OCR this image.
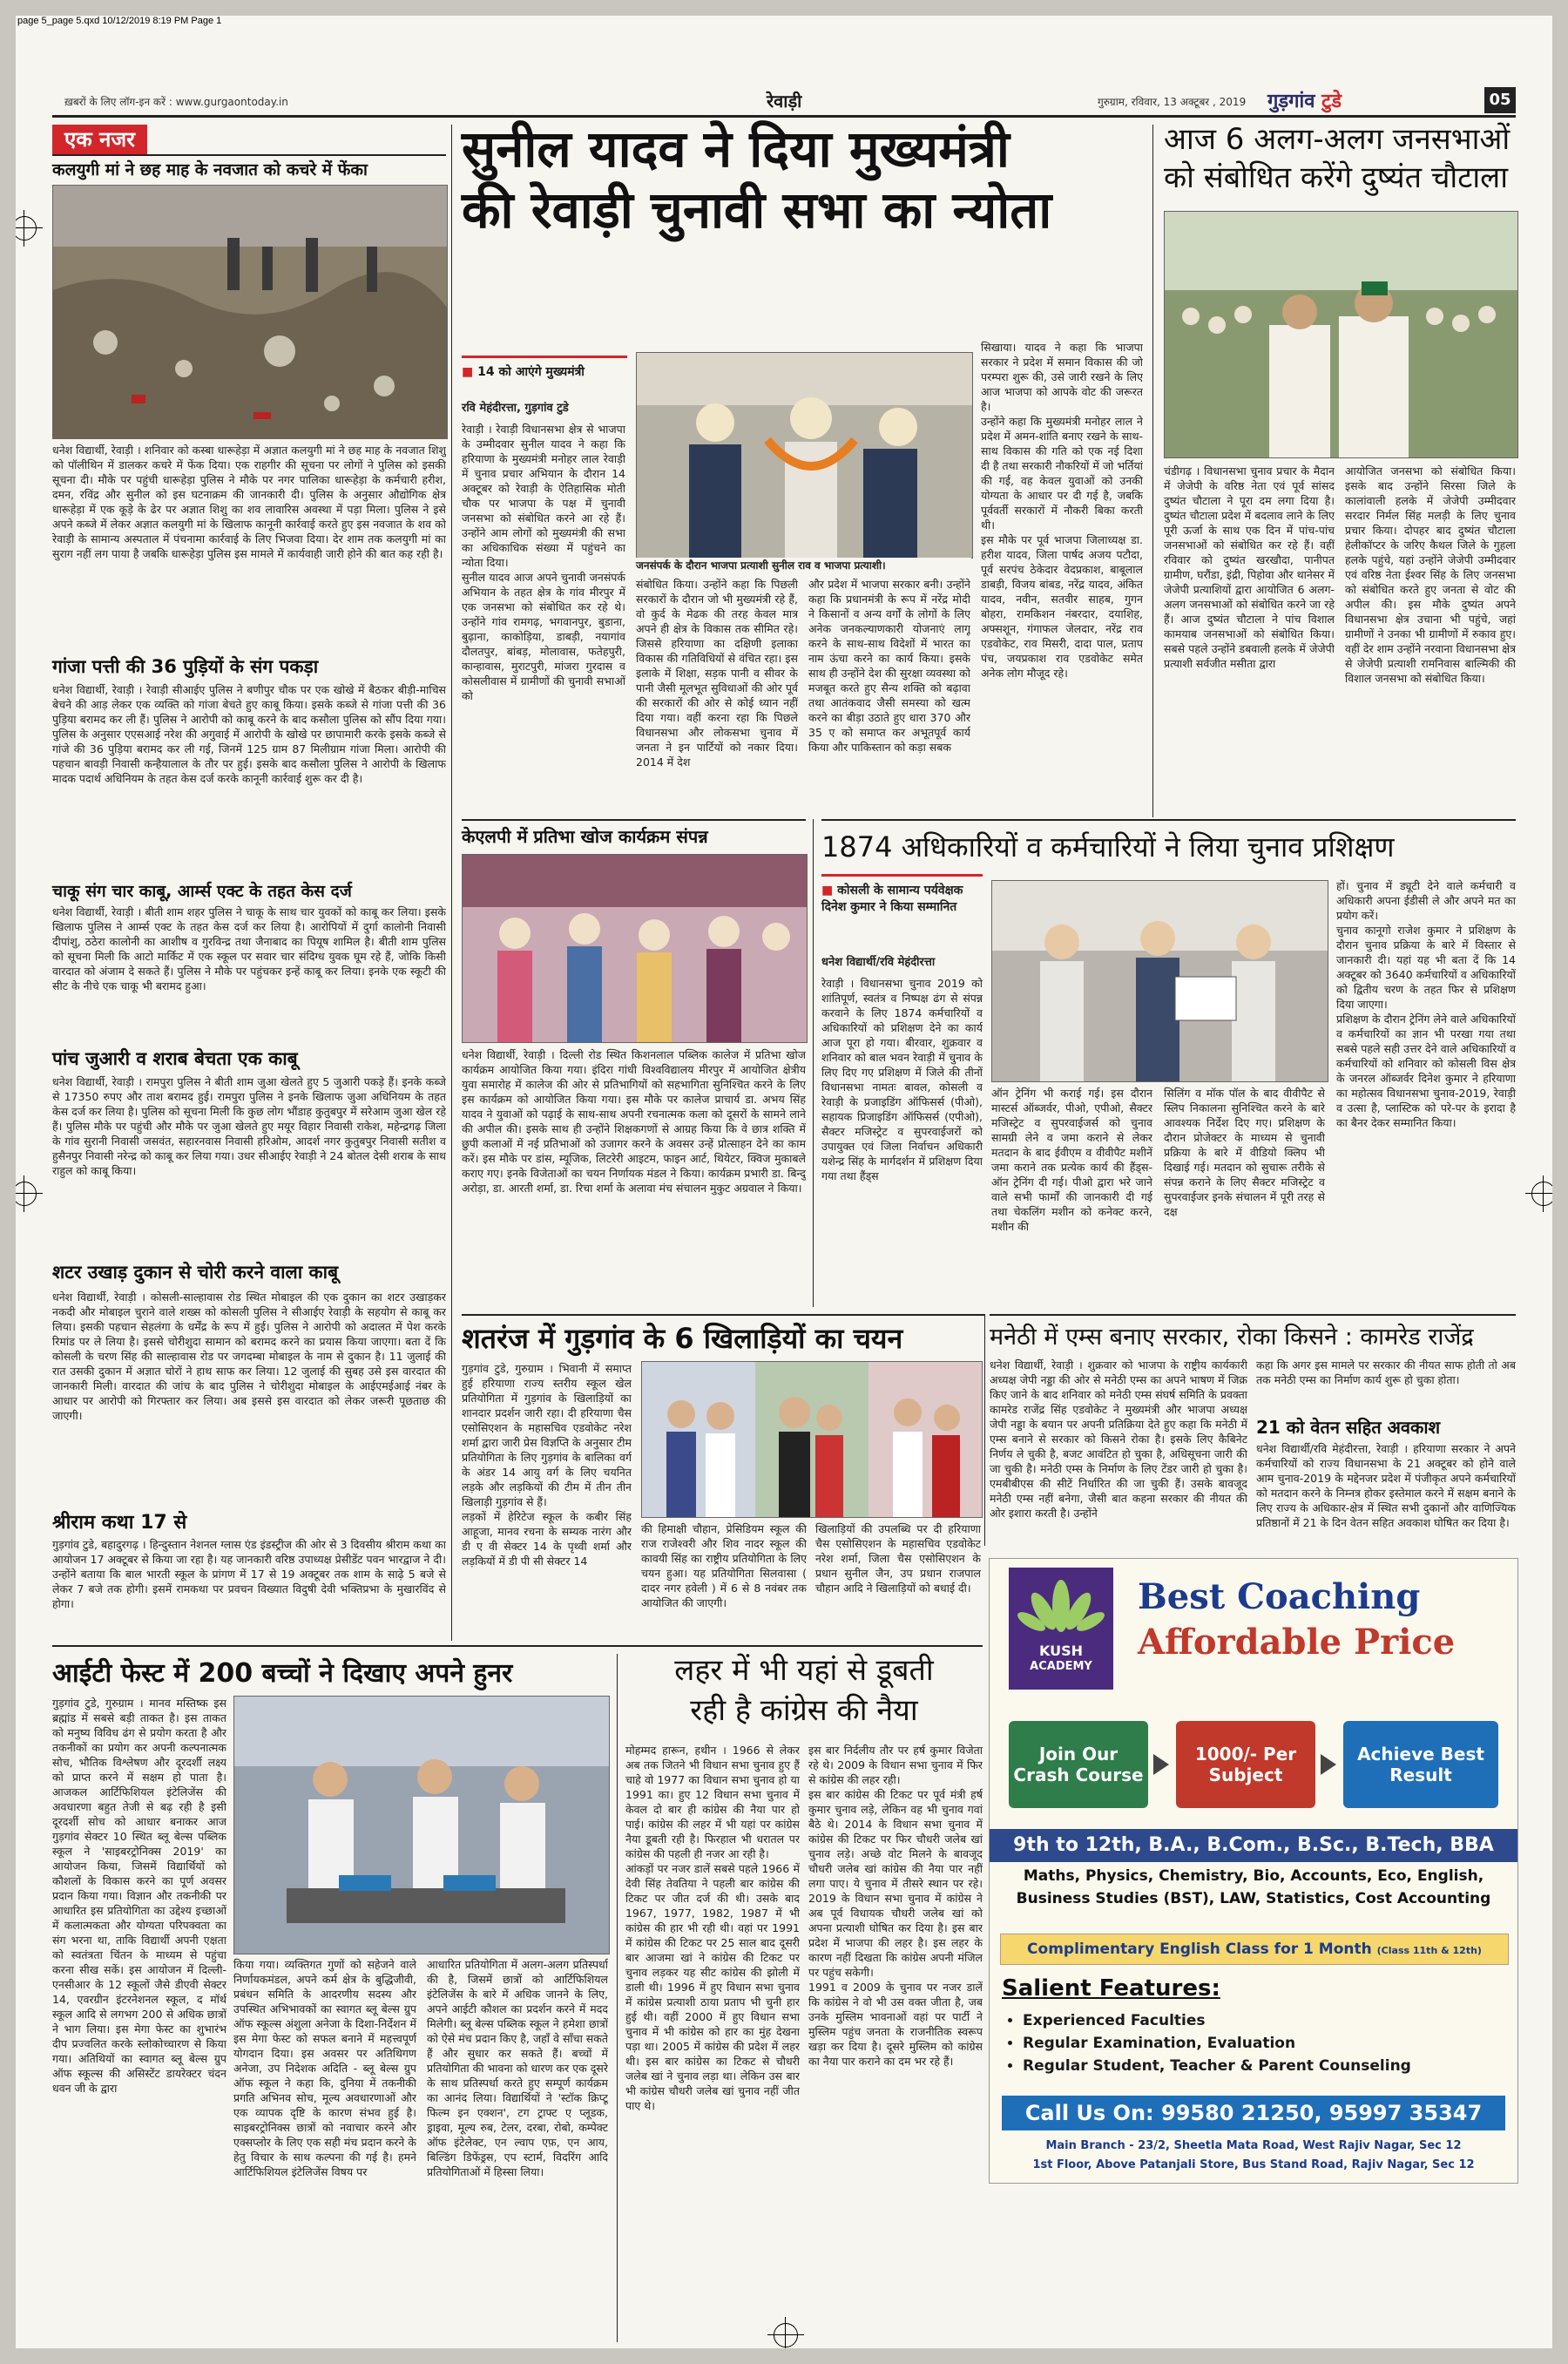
page 5_page 5.qxd 10/12/2019 8:19 PM Page 1
ख़बरों के लिए लॉग-इन करें : www.gurgaontoday.in	रेवाड़ी	गुरुग्राम, रविवार, 13 अक्टूबर , 2019 गुड़गांव टुडे	05
एक नजर
कलयुगी मां ने छह माह के नवजात को कचरे में फेंका
धनेश विद्यार्थी, रेवाड़ी । शनिवार को कस्बा धारूहेड़ा में अज्ञात कलयुगी मां ने छह माह के नवजात शिशु को पॉलीथिन में डालकर कचरे में फेंक दिया। एक राहगीर की सूचना पर लोगों ने पुलिस को इसकी सूचना दी। मौके पर पहुंची धारूहेड़ा पुलिस ने मौके पर नगर पालिका धारूहेड़ा के कर्मचारी हरीश, दमन, रविंद्र और सुनील को इस घटनाक्रम की जानकारी दी। पुलिस के अनुसार औद्योगिक क्षेत्र धारूहेड़ा में एक कूड़े के ढेर पर अज्ञात शिशु का शव लावारिस अवस्था में पड़ा मिला। पुलिस ने इसे अपने कब्जे में लेकर अज्ञात कलयुगी मां के खिलाफ कानूनी कार्रवाई करते हुए इस नवजात के शव को रेवाड़ी के सामान्य अस्पताल में पंचनामा कार्रवाई के लिए भिजवा दिया। देर शाम तक कलयुगी मां का सुराग नहीं लग पाया है जबकि धारूहेड़ा पुलिस इस मामले में कार्यवाही जारी होने की बात कह रही है।
गांजा पत्ती की 36 पुड़ियों के संग पकड़ा
धनेश विद्यार्थी, रेवाड़ी । रेवाड़ी सीआईए पुलिस ने बणीपुर चौक पर एक खोखे में बैठकर बीड़ी-माचिस बेचने की आड़ लेकर एक व्यक्ति को गांजा बेचते हुए काबू किया। इसके कब्जे से गांजा पत्ती की 36 पुड़िया बरामद कर ली हैं। पुलिस ने आरोपी को काबू करने के बाद कसौला पुलिस को सौंप दिया गया। पुलिस के अनुसार एएसआई नरेश की अगुवाई में आरोपी के खोखे पर छापामारी करके इसके कब्जे से गांजे की 36 पुड़िया बरामद कर ली गई, जिनमें 125 ग्राम 87 मिलीग्राम गांजा मिला। आरोपी की पहचान बावड़ी निवासी कन्हैयालाल के तौर पर हुई। इसके बाद कसौला पुलिस ने आरोपी के खिलाफ मादक पदार्थ अधिनियम के तहत केस दर्ज करके कानूनी कार्रवाई शुरू कर दी है।
चाकू संग चार काबू, आर्म्स एक्ट के तहत केस दर्ज
धनेश विद्यार्थी, रेवाड़ी । बीती शाम शहर पुलिस ने चाकू के साथ चार युवकों को काबू कर लिया। इसके खिलाफ पुलिस ने आर्म्स एक्ट के तहत केस दर्ज कर लिया है। आरोपियों में दुर्गा कालोनी निवासी दीपांशु, ठठेरा कालोनी का आशीष व गुरविन्द्र तथा जैनाबाद का पियूष शामिल है। बीती शाम पुलिस को सूचना मिली कि आटो मार्किट में एक स्कूल पर सवार चार संदिग्ध युवक घूम रहे हैं, जोकि किसी वारदात को अंजाम दे सकते हैं। पुलिस ने मौके पर पहुंचकर इन्हें काबू कर लिया। इनके एक स्कूटी की सीट के नीचे एक चाकू भी बरामद हुआ।
पांच जुआरी व शराब बेचता एक काबू
धनेश विद्यार्थी, रेवाड़ी । रामपुरा पुलिस ने बीती शाम जुआ खेलते हुए 5 जुआरी पकड़े हैं। इनके कब्जे से 17350 रुपए और ताश बरामद हुई। रामपुरा पुलिस ने इनके खिलाफ जुआ अधिनियम के तहत केस दर्ज कर लिया है। पुलिस को सूचना मिली कि कुछ लोग भौंडाह कुतुबपुर में सरेआम जुआ खेल रहे हैं। पुलिस मौके पर पहुंची और मौके पर जुआ खेलते हुए मयूर विहार निवासी राकेश, महेन्द्रगढ़ जिला के गांव सुरानी निवासी जसवंत, सहारनवास निवासी हरिओम, आदर्श नगर कुतुबपुर निवासी सतीश व हुसैनपुर निवासी नरेन्द्र को काबू कर लिया गया। उधर सीआईए रेवाड़ी ने 24 बोतल देसी शराब के साथ राहुल को काबू किया।
शटर उखाड़ दुकान से चोरी करने वाला काबू
धनेश विद्यार्थी, रेवाड़ी । कोसली-साल्हावास रोड स्थित मोबाइल की एक दुकान का शटर उखाड़कर नकदी और मोबाइल चुराने वाले शख्स को कोसली पुलिस ने सीआईए रेवाड़ी के सहयोग से काबू कर लिया। इसकी पहचान सेहलंगा के धर्मेंद्र के रूप में हुई। पुलिस ने आरोपी को अदालत में पेश करके रिमांड पर ले लिया है। इससे चोरीशुदा सामान को बरामद करने का प्रयास किया जाएगा। बता दें कि कोसली के चरण सिंह की साल्हावास रोड पर जगदम्बा मोबाइल के नाम से दुकान है। 11 जुलाई की रात उसकी दुकान में अज्ञात चोरों ने हाथ साफ कर लिया। 12 जुलाई की सुबह उसे इस वारदात की जानकारी मिली। वारदात की जांच के बाद पुलिस ने चोरीशुदा मोबाइल के आईएमईआई नंबर के आधार पर आरोपी को गिरफ्तार कर लिया। अब इससे इस वारदात को लेकर जरूरी पूछताछ की जाएगी।
श्रीराम कथा 17 से
गुड़गांव टुडे, बहादुरगढ़ । हिन्दुस्तान नेशनल ग्लास एंड इंडस्ट्रीज की ओर से 3 दिवसीय श्रीराम कथा का आयोजन 17 अक्टूबर से किया जा रहा है। यह जानकारी वरिष्ठ उपाध्यक्ष प्रेसीडेंट पवन भारद्वाज ने दी। उन्होंने बताया कि बाल भारती स्कूल के प्रांगण में 17 से 19 अक्टूबर तक शाम के साढ़े 5 बजे से लेकर 7 बजे तक होगी। इसमें रामकथा पर प्रवचन विख्यात विदुषी देवी भक्तिप्रभा के मुखारविंद से होगा।
सुनील यादव ने दिया मुख्यमंत्री
की रेवाड़ी चुनावी सभा का न्योता
■ 14 को आएंगे मुख्यमंत्री
रवि मेहंदीरत्ता, गुड़गांव टुडे
रेवाड़ी । रेवाड़ी विधानसभा क्षेत्र से भाजपा के उम्मीदवार सुनील यादव ने कहा कि हरियाणा के मुख्यमंत्री मनोहर लाल रेवाड़ी में चुनाव प्रचार अभियान के दौरान 14 अक्टूबर को रेवाड़ी के ऐतिहासिक मोती चौक पर भाजपा के पक्ष में चुनावी जनसभा को संबोधित करने आ रहे हैं। उन्होंने आम लोगों को मुख्यमंत्री की सभा का अधिकाधिक संख्या में पहुंचने का न्योता दिया।
सुनील यादव आज अपने चुनावी जनसंपर्क अभियान के तहत क्षेत्र के गांव मीरपुर में एक जनसभा को संबोधित कर रहे थे। उन्होंने गांव रामगढ़, भगवानपुर, बुडाना, बुढ़ाना, काकोड़िया, डाबड़ी, नयागांव दौलतपुर, बांबड़, मोलावास, फतेहपुरी, कान्हावास, मुराटपुरी, मांजरा गुरदास व कोसलीवास में ग्रामीणों की चुनावी सभाओं को
जनसंपर्क के दौरान भाजपा प्रत्याशी सुनील राव व भाजपा प्रत्याशी।
संबोधित किया। उन्होंने कहा कि पिछली सरकारों के दौरान जो भी मुख्यमंत्री रहे हैं, वो कुर्द के मेढक की तरह केवल मात्र अपने ही क्षेत्र के विकास तक सीमित रहे। जिससे हरियाणा का दक्षिणी इलाका विकास की गतिविधियों से वंचित रहा। इस इलाके में शिक्षा, सड़क पानी व सीवर के पानी जैसी मूलभूत सुविधाओं की ओर पूर्व की सरकारों की ओर से कोई ध्यान नहीं दिया गया। वहीं करना रहा कि पिछले विधानसभा और लोकसभा चुनाव में जनता ने इन पार्टियों को नकार दिया। 2014 में देश
और प्रदेश में भाजपा सरकार बनी। उन्होंने कहा कि प्रधानमंत्री के रूप में नरेंद्र मोदी ने किसानों व अन्य वर्गों के लोगों के लिए अनेक जनकल्याणकारी योजनाएं लागू करने के साथ-साथ विदेशों में भारत का नाम ऊंचा करने का कार्य किया। इसके साथ ही उन्होंने देश की सुरक्षा व्यवस्था को मजबूत करते हुए सैन्य शक्ति को बढ़ावा तथा आतंकवाद जैसी समस्या को खत्म करने का बीड़ा उठाते हुए धारा 370 और 35 ए को समाप्त कर अभूतपूर्व कार्य किया और पाकिस्तान को कड़ा सबक
सिखाया। यादव ने कहा कि भाजपा सरकार ने प्रदेश में समान विकास की जो परम्परा शुरू की, उसे जारी रखने के लिए आज भाजपा को आपके वोट की जरूरत है।
उन्होंने कहा कि मुख्यमंत्री मनोहर लाल ने प्रदेश में अमन-शांति बनाए रखने के साथ-साथ विकास की गति को एक नई दिशा दी है तथा सरकारी नौकरियों में जो भर्तियां की गई, वह केवल युवाओं को उनकी योग्यता के आधार पर दी गई है, जबकि पूर्ववर्ती सरकारों में नौकरी बिका करती थी।
इस मौके पर पूर्व भाजपा जिलाध्यक्ष डा. हरीश यादव, जिला पार्षद अजय पटौदा, पूर्व सरपंच ठेकेदार वेदप्रकाश, बाबूलाल डाबड़ी, विजय बांबड, नरेंद्र यादव, अंकित यादव, नवीन, सतवीर साहब, गुगन बोहरा, रामकिशन नंबरदार, दयाशिह, अफ्सशून, गंगाफल जेलदार, नरेंद्र राव एडवोकेट, राव मिसरी, दादा पाल, प्रताप पंच, जयप्रकाश राव एडवोकेट समेत अनेक लोग मौजूद रहे।
आज 6 अलग-अलग जनसभाओं
को संबोधित करेंगे दुष्यंत चौटाला
चंडीगढ़ । विधानसभा चुनाव प्रचार के मैदान में जेजेपी के वरिष्ठ नेता एवं पूर्व सांसद दुष्यंत चौटाला ने पूरा दम लगा दिया है। दुष्यंत चौटाला प्रदेश में बदलाव लाने के लिए पूरी ऊर्जा के साथ एक दिन में पांच-पांच जनसभाओं को संबोधित कर रहे हैं। वहीं रविवार को दुष्यंत खरखौदा, पानीपत ग्रामीण, घरौंडा, इंद्री, पिहोवा और थानेसर में जेजेपी प्रत्याशियों द्वारा आयोजित 6 अलग-अलग जनसभाओं को संबोधित करने जा रहे हैं। आज दुष्यंत चौटाला ने पांच विशाल कामयाब जनसभाओं को संबोधित किया। सबसे पहले उन्होंने डबवाली हलके में जेजेपी प्रत्याशी सर्वजीत मसीता द्वारा
आयोजित जनसभा को संबोधित किया। इसके बाद उन्होंने सिरसा जिले के कालांवाली हलके में जेजेपी उम्मीदवार सरदार निर्मल सिंह मलड़ी के लिए चुनाव प्रचार किया। दोपहर बाद दुष्यंत चौटाला हेलीकॉप्टर के जरिए कैथल जिले के गुहला हलके पहुंचे, यहां उन्होंने जेजेपी उम्मीदवार एवं वरिष्ठ नेता ईश्वर सिंह के लिए जनसभा को संबोधित करते हुए जनता से वोट की अपील की। इस मौके दुष्यंत अपने विधानसभा क्षेत्र उचाना भी पहुंचे, जहां ग्रामीणों ने उनका भी ग्रामीणों में रुकाव हुए। वहीं देर शाम उन्होंने नरवाना विधानसभा क्षेत्र से जेजेपी प्रत्याशी रामनिवास बाल्मिकी की विशाल जनसभा को संबोधित किया।
केएलपी में प्रतिभा खोज कार्यक्रम संपन्न
धनेश विद्यार्थी, रेवाड़ी । दिल्ली रोड स्थित किशनलाल पब्लिक कालेज में प्रतिभा खोज कार्यक्रम आयोजित किया गया। इंदिरा गांधी विश्वविद्यालय मीरपुर में आयोजित क्षेत्रीय युवा समारोह में कालेज की ओर से प्रतिभागियों को सहभागिता सुनिश्चित करने के लिए इस कार्यक्रम को आयोजित किया गया। इस मौके पर कालेज प्राचार्य डा. अभय सिंह यादव ने युवाओं को पढ़ाई के साथ-साथ अपनी रचनात्मक कला को दूसरों के सामने लाने की अपील की। इसके साथ ही उन्होंने शिक्षकगणों से आग्रह किया कि वे छात्र शक्ति में छुपी कलाओं में नई प्रतिभाओं को उजागर करने के अवसर उन्हें प्रोत्साहन देने का काम करें। इस मौके पर डांस, म्यूजिक, लिटरेरी आइटम, फाइन आर्ट, थियेटर, क्विज मुकाबले कराए गए। इनके विजेताओं का चयन निर्णायक मंडल ने किया। कार्यक्रम प्रभारी डा. बिन्दु अरोड़ा, डा. आरती शर्मा, डा. रिचा शर्मा के अलावा मंच संचालन मुकुट अग्रवाल ने किया।
1874 अधिकारियों व कर्मचारियों ने लिया चुनाव प्रशिक्षण
■ कोसली के सामान्य पर्यवेक्षक दिनेश कुमार ने किया सम्मानित
धनेश विद्यार्थी/रवि मेहंदीरत्ता
रेवाड़ी । विधानसभा चुनाव 2019 को शांतिपूर्ण, स्वतंत्र व निष्पक्ष ढंग से संपन्न करवाने के लिए 1874 कर्मचारियों व अधिकारियों को प्रशिक्षण देने का कार्य आज पूरा हो गया। बीरवार, शुक्रवार व शनिवार को बाल भवन रेवाड़ी में चुनाव के लिए दिए गए प्रशिक्षण में जिले की तीनों विधानसभा नामतः बावल, कोसली व रेवाड़ी के प्रजाइडिंग ऑफिसर्स (पीओ), सहायक प्रिजाइडिंग ऑफिसर्स (एपीओ), सैक्टर मजिस्ट्रेट व सुपरवाईजरों को उपायुक्त एवं जिला निर्वाचन अधिकारी यशेन्द्र सिंह के मार्गदर्शन में प्रशिक्षण दिया गया तथा हैंड्स
ऑन ट्रेनिंग भी कराई गई। इस दौरान मास्टर्स ऑब्जर्वर, पीओ, एपीओ, सैक्टर मजिस्ट्रेट व सुपरवाईजर्स को चुनाव सामग्री लेने व जमा कराने से लेकर मतदान के बाद ईवीएम व वीवीपैट मशीनें जमा कराने तक प्रत्येक कार्य की हैंड्स-ऑन ट्रेनिंग दी गई। पीओ द्वारा भरे जाने वाले सभी फार्मों की जानकारी दी गई तथा चेकलिंग मशीन को कनेक्ट करने, मशीन की
सिलिंग व मॉक पॉल के बाद वीवीपैट से स्लिप निकालना सुनिश्चित करने के बारे आवश्यक निर्देश दिए गए। प्रशिक्षण के दौरान प्रोजेक्टर के माध्यम से चुनावी प्रक्रिया के बारे में वीडियो क्लिप भी दिखाई गई। मतदान को सुचारू तरीके से संपन्न कराने के लिए सैक्टर मजिस्ट्रेट व सुपरवाईजर इनके संचालन में पूरी तरह से दक्ष
हों। चुनाव में ड्यूटी देने वाले कर्मचारी व अधिकारी अपना ईडीसी ले और अपने मत का प्रयोग करें।
चुनाव कानूगो राजेश कुमार ने प्रशिक्षण के दौरान चुनाव प्रक्रिया के बारे में विस्तार से जानकारी दी। यहां यह भी बता दें कि 14 अक्टूबर को 3640 कर्मचारियों व अधिकारियों को द्वितीय चरण के तहत फिर से प्रशिक्षण दिया जाएगा।
प्रशिक्षण के दौरान ट्रेनिंग लेने वाले अधिकारियों व कर्मचारियों का ज्ञान भी परखा गया तथा सबसे पहले सही उत्तर देने वाले अधिकारियों व कर्मचारियों को शनिवार को कोसली विस क्षेत्र के जनरल ऑब्जर्वर दिनेश कुमार ने हरियाणा का महोत्सव विधानसभा चुनाव-2019, रेवाड़ी व उत्सा है, प्लास्टिक को परे-पर के इरादा है का बैनर देकर सम्मानित किया।
शतरंज में गुड़गांव के 6 खिलाड़ियों का चयन
गुड़गांव टुडे, गुरुग्राम । भिवानी में समाप्त हुई हरियाणा राज्य स्तरीय स्कूल खेल प्रतियोगिता में गुड़गांव के खिलाड़ियों का शानदार प्रदर्शन जारी रहा। दी हरियाणा चैस एसोसिएशन के महासचिव एडवोकेट नरेश शर्मा द्वारा जारी प्रेस विज्ञप्ति के अनुसार टीम प्रतियोगिता के लिए गुड़गांव के बालिका वर्ग के अंडर 14 आयु वर्ग के लिए चयनित लड़के और लड़कियों की टीम में तीन तीन खिलाड़ी गुड़गांव से हैं।
लड़कों में हेरिटेज स्कूल के कबीर सिंह आहूजा, मानव रचना के सम्यक नारंग और डी ए वी सेक्टर 14 के पृथ्वी शर्मा और लड़कियों में डी पी सी सेक्टर 14
की हिमाक्षी चौहान, प्रेसिडियम स्कूल की राज राजेश्वरी और शिव नादर स्कूल की कावयी सिंह का राष्ट्रीय प्रतियोगिता के लिए चयन हुआ। यह प्रतियोगिता सिलवासा ( दादर नगर हवेली ) में 6 से 8 नवंबर तक आयोजित की जाएगी।
खिलाड़ियों की उपलब्धि पर दी हरियाणा चैस एसोसिएशन के महासचिव एडवोकेट नरेश शर्मा, जिला चैस एसोसिएशन के प्रधान सुनील जैन, उप प्रधान राजपाल चौहान आदि ने खिलाड़ियों को बधाई दी।
मनेठी में एम्स बनाए सरकार, रोका किसने : कामरेड राजेंद्र
धनेश विद्यार्थी, रेवाड़ी । शुक्रवार को भाजपा के राष्ट्रीय कार्यकारी अध्यक्ष जेपी नड्डा की ओर से मनेठी एम्स का अपने भाषण में जिक्र किए जाने के बाद शनिवार को मनेठी एम्स संघर्ष समिति के प्रवक्ता कामरेड राजेंद्र सिंह एडवोकेट ने मुख्यमंत्री और भाजपा अध्यक्ष जेपी नड्डा के बयान पर अपनी प्रतिक्रिया देते हुए कहा कि मनेठी में एम्स बनाने से सरकार को किसने रोका है। इसके लिए कैबिनेट निर्णय ले चुकी है, बजट आवंटित हो चुका है, अधिसूचना जारी की जा चुकी है। मनेठी एम्स के निर्माण के लिए टेंडर जारी हो चुका है। एमबीबीएस की सीटें निर्धारित की जा चुकी हैं। उसके बावजूद मनेठी एम्स नहीं बनेगा, जैसी बात कहना सरकार की नीयत की ओर इशारा करती है। उन्होंने
कहा कि अगर इस मामले पर सरकार की नीयत साफ होती तो अब तक मनेठी एम्स का निर्माण कार्य शुरू हो चुका होता।
21 को वेतन सहित अवकाश
धनेश विद्यार्थी/रवि मेहंदीरत्ता, रेवाड़ी । हरियाणा सरकार ने अपने कर्मचारियों को राज्य विधानसभा के 21 अक्टूबर को होने वाले आम चुनाव-2019 के मद्देनजर प्रदेश में पंजीकृत अपने कर्मचारियों को मतदान करने के निम्नत्र होकर इस्तेमाल करने में सक्षम बनाने के लिए राज्य के अधिकार-क्षेत्र में स्थित सभी दुकानों और वाणिज्यिक प्रतिष्ठानों में 21 के दिन वेतन सहित अवकाश घोषित कर दिया है।
आईटी फेस्ट में 200 बच्चों ने दिखाए अपने हुनर
गुड़गांव टुडे, गुरुग्राम । मानव मस्तिष्क इस ब्रह्मांड में सबसे बड़ी ताकत है। इस ताकत को मनुष्य विविध ढंग से प्रयोग करता है और तकनीकों का प्रयोग कर अपनी कल्पनात्मक सोच, भौतिक विश्लेषण और दूरदर्शी लक्ष्य को प्राप्त करने में सक्षम हो पाता है। आजकल आर्टिफिशियल इंटेलिजेंस की अवधारणा बहुत तेजी से बढ़ रही है इसी दूरदर्शी सोच को आधार बनाकर आज गुड़गांव सेक्टर 10 स्थित ब्लू बेल्स पब्लिक स्कूल ने 'साइबरट्रोनिक्स 2019' का आयोजन किया, जिसमें विद्यार्थियों को कौशलों के विकास करने का पूर्ण अवसर प्रदान किया गया। विज्ञान और तकनीकी पर आधारित इस प्रतियोगिता का उद्देश्य इच्छाओं में कलात्मकता और योग्यता परिपक्वता का संग भरना था, ताकि विद्यार्थी अपनी एक्षता को स्वतंत्रता चिंतन के माध्यम से पहुंचा करना सीख सकें। इस आयोजन में दिल्ली-एनसीआर के 12 स्कूलों जैसे डीएवी सेक्टर 14, एवरग्रीन इंटरनेशनल स्कूल, द मॉर्थ स्कूल आदि से लगभग 200 से अधिक छात्रों ने भाग लिया। इस मेगा फेस्ट का शुभारंभ दीप प्रज्वलित करके स्लोकोच्चारण से किया गया। अतिथियों का स्वागत ब्लू बेल्स ग्रुप ऑफ स्कूल्स की असिस्टेंट डायरेक्टर चंदन धवन जी के द्वारा
किया गया। व्यक्तिगत गुणों को सहेजने वाले निर्णायकमंडल, अपने कर्म क्षेत्र के बुद्धिजीवी, प्रबंधन समिति के आदरणीय सदस्य और उपस्थित अभिभावकों का स्वागत ब्लू बेल्स ग्रुप ऑफ स्कूल्स अंशुला अनेजा के दिशा-निर्देशन में इस मेगा फेस्ट को सफल बनाने में महत्त्वपूर्ण योगदान दिया। इस अवसर पर अतिथिगण अनेजा, उप निदेशक अदिति - ब्लू बेल्स ग्रुप ऑफ स्कूल ने कहा कि, दुनिया में तकनीकी प्रगति अभिनव सोच, मूल्य अवधारणाओं और एक व्यापक दृष्टि के कारण संभव हुई है। साइबरट्रोनिक्स छात्रों को नवाचार करने और एक्सप्लोर के लिए एक सही मंच प्रदान करने के हेतु विचार के साथ कल्पना की गई है। हमने आर्टिफिशियल इंटेलिजेंस विषय पर
आधारित प्रतियोगिता में अलग-अलग प्रतिस्पर्धा की है, जिसमें छात्रों को आर्टिफिशियल इंटेलिजेंस के बारे में अधिक जानने के लिए, अपने आईटी कौशल का प्रदर्शन करने में मदद मिलेगी। ब्लू बेल्स पब्लिक स्कूल ने हमेशा छात्रों को ऐसे मंच प्रदान किए है, जहाँ वे साँचा सकते हैं और सुधार कर सकते हैं। बच्चों में प्रतियोगिता की भावना को धारण कर एक दूसरे के साथ प्रतिस्पर्धा करते हुए सम्पूर्ण कार्यक्रम का आनंद लिया। विद्यार्थियों ने 'स्टॉक क्रिप्टू फिल्म इन एक्शन', टग ट्राफ्ट ए प्लूडक, ड्राइवा, मूल्य रुब, टेलर, दरबा, रोबो, कम्पेक्ट ऑफ इंटेलेक्ट, एन ल्वाप एफ़, एन आय, बिल्डिंग डिफेंड्रस, एप स्टार्म, विदरिंग आदि प्रतियोगिताओं में हिस्सा लिया।
लहर में भी यहां से डूबती
रही है कांग्रेस की नैया
मोहम्मद हारून, हथीन । 1966 से लेकर अब तक जितने भी विधान सभा चुनाव हुए हैं चाहे वो 1977 का विधान सभा चुनाव हो या 1991 का। हुए 12 विधान सभा चुनाव में केवल दो बार ही कांग्रेस की नैया पार हो पाई। कांग्रेस की लहर में भी यहां पर कांग्रेस नैया डूबती रही है। फिरहाल भी धरातल पर कांग्रेस की पहली ही नजर आ रही है।
आंकड़ों पर नजर डालें सबसे पहले 1966 में देवी सिंह तेवतिया ने पहली बार कांग्रेस की टिकट पर जीत दर्ज की थी। उसके बाद 1967, 1977, 1982, 1987 में भी कांग्रेस की हार भी रही थी। वहां पर 1991 में कांग्रेस की टिकट पर 25 साल बाद दूसरी बार आजमा खां ने कांग्रेस की टिकट पर चुनाव लड़कर यह सीट कांग्रेस की झोली में डाली थी। 1996 में हुए विधान सभा चुनाव में कांग्रेस प्रत्याशी ठाया प्रताप भी चुनी हार हुई थी। वहीं 2000 में हुए विधान सभा चुनाव में भी कांग्रेस को हार का मुंह देखना पड़ा था। 2005 में कांग्रेस की प्रदेश में लहर थी। इस बार कांग्रेस का टिकट से चौधरी जलेब खां ने चुनाव लड़ा था। लेकिन उस बार भी कांग्रेस चौधरी जलेब खां चुनाव नहीं जीत पाए थे।
इस बार निर्दलीय तौर पर हर्ष कुमार विजेता रहे थे। 2009 के विधान सभा चुनाव में फिर से कांग्रेस की लहर रही।
इस बार कांग्रेस की टिकट पर पूर्व मंत्री हर्ष कुमार चुनाव लड़े, लेकिन वह भी चुनाव गवां बैठे थे। 2014 के विधान सभा चुनाव में कांग्रेस की टिकट पर फिर चौधरी जलेब खां चुनाव लड़े। अच्छे वोट मिलने के बावजूद चौधरी जलेब खां कांग्रेस की नैया पार नहीं लगा पाए। ये चुनाव में तीसरे स्थान पर रहे। 2019 के विधान सभा चुनाव में कांग्रेस ने अब पूर्व विधायक चौधरी जलेब खां को अपना प्रत्याशी घोषित कर दिया है। इस बार प्रदेश में भाजपा की लहर है। इस लहर के कारण नहीं दिखता कि कांग्रेस अपनी मंजिल पर पहुंच सकेगी।
1991 व 2009 के चुनाव पर नजर डालें कि कांग्रेस ने वो भी उस वक्त जीता है, जब उनके मुस्लिम भावनाओं वहां पर पार्टी ने मुस्लिम पहुंच जनता के राजनीतिक स्वरूप खड़ा कर दिया है। दूसरे मुस्लिम को कांग्रेस का नैया पार कराने का दम भर रहे हैं।
KUSH
ACADEMY
Best Coaching
Affordable Price
Join Our Crash Course
1000/- Per Subject
Achieve Best Result
9th to 12th, B.A., B.Com., B.Sc., B.Tech, BBA
Maths, Physics, Chemistry, Bio, Accounts, Eco, English,
Business Studies (BST), LAW, Statistics, Cost Accounting
Complimentary English Class for 1 Month (Class 11th & 12th)
Salient Features:
• Experienced Faculties
• Regular Examination, Evaluation
• Regular Student, Teacher & Parent Counseling
Call Us On: 99580 21250, 95997 35347
Main Branch - 23/2, Sheetla Mata Road, West Rajiv Nagar, Sec 12
1st Floor, Above Patanjali Store, Bus Stand Road, Rajiv Nagar, Sec 12
